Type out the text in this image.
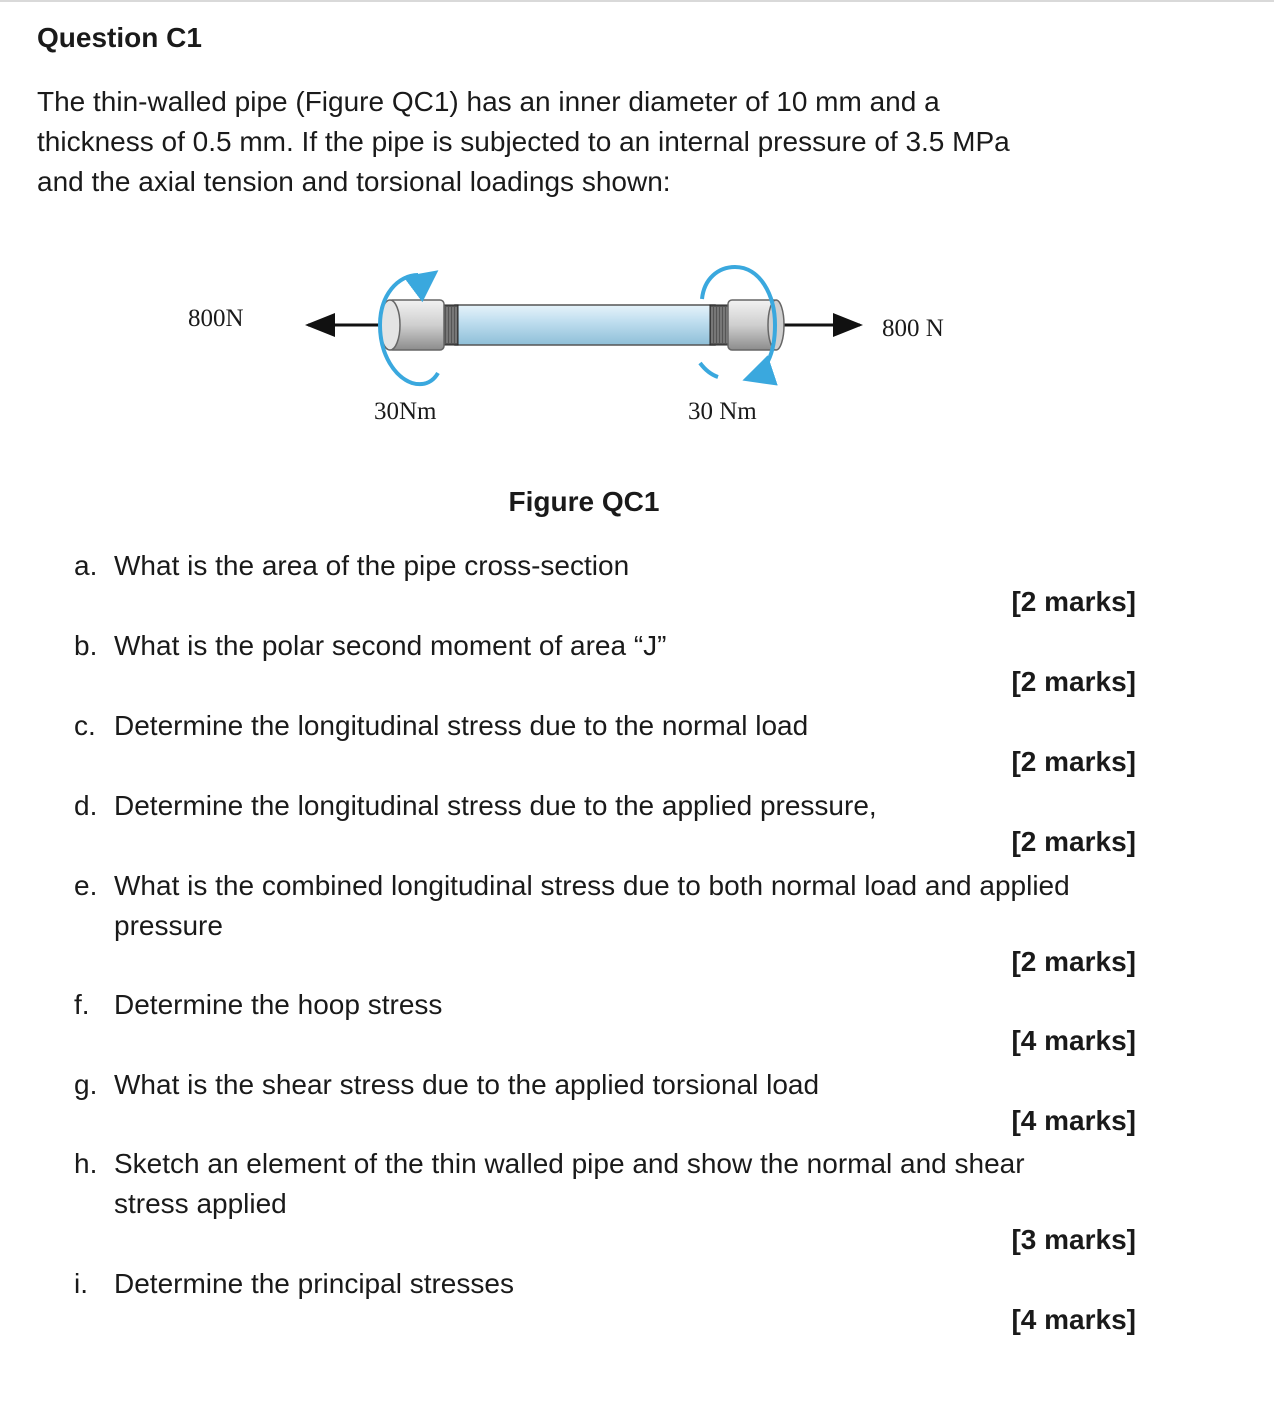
Question C1
The thin-walled pipe (Figure QC1) has an inner diameter of 10 mm and a
thickness of 0.5 mm. If the pipe is subjected to an internal pressure of 3.5 MPa
and the axial tension and torsional loadings shown:
800N	800 N
30Nm	30 Nm
Figure QC1
a. What is the area of the pipe cross-section
[2 marks]
b. What is the polar second moment of area “J”
[2 marks]
c. Determine the longitudinal stress due to the normal load
[2 marks]
d. Determine the longitudinal stress due to the applied pressure,
[2 marks]
e. What is the combined longitudinal stress due to both normal load and applied pressure
[2 marks]
f. Determine the hoop stress
[4 marks]
g. What is the shear stress due to the applied torsional load
[4 marks]
h. Sketch an element of the thin walled pipe and show the normal and shear stress applied
[3 marks]
i. Determine the principal stresses
[4 marks]
